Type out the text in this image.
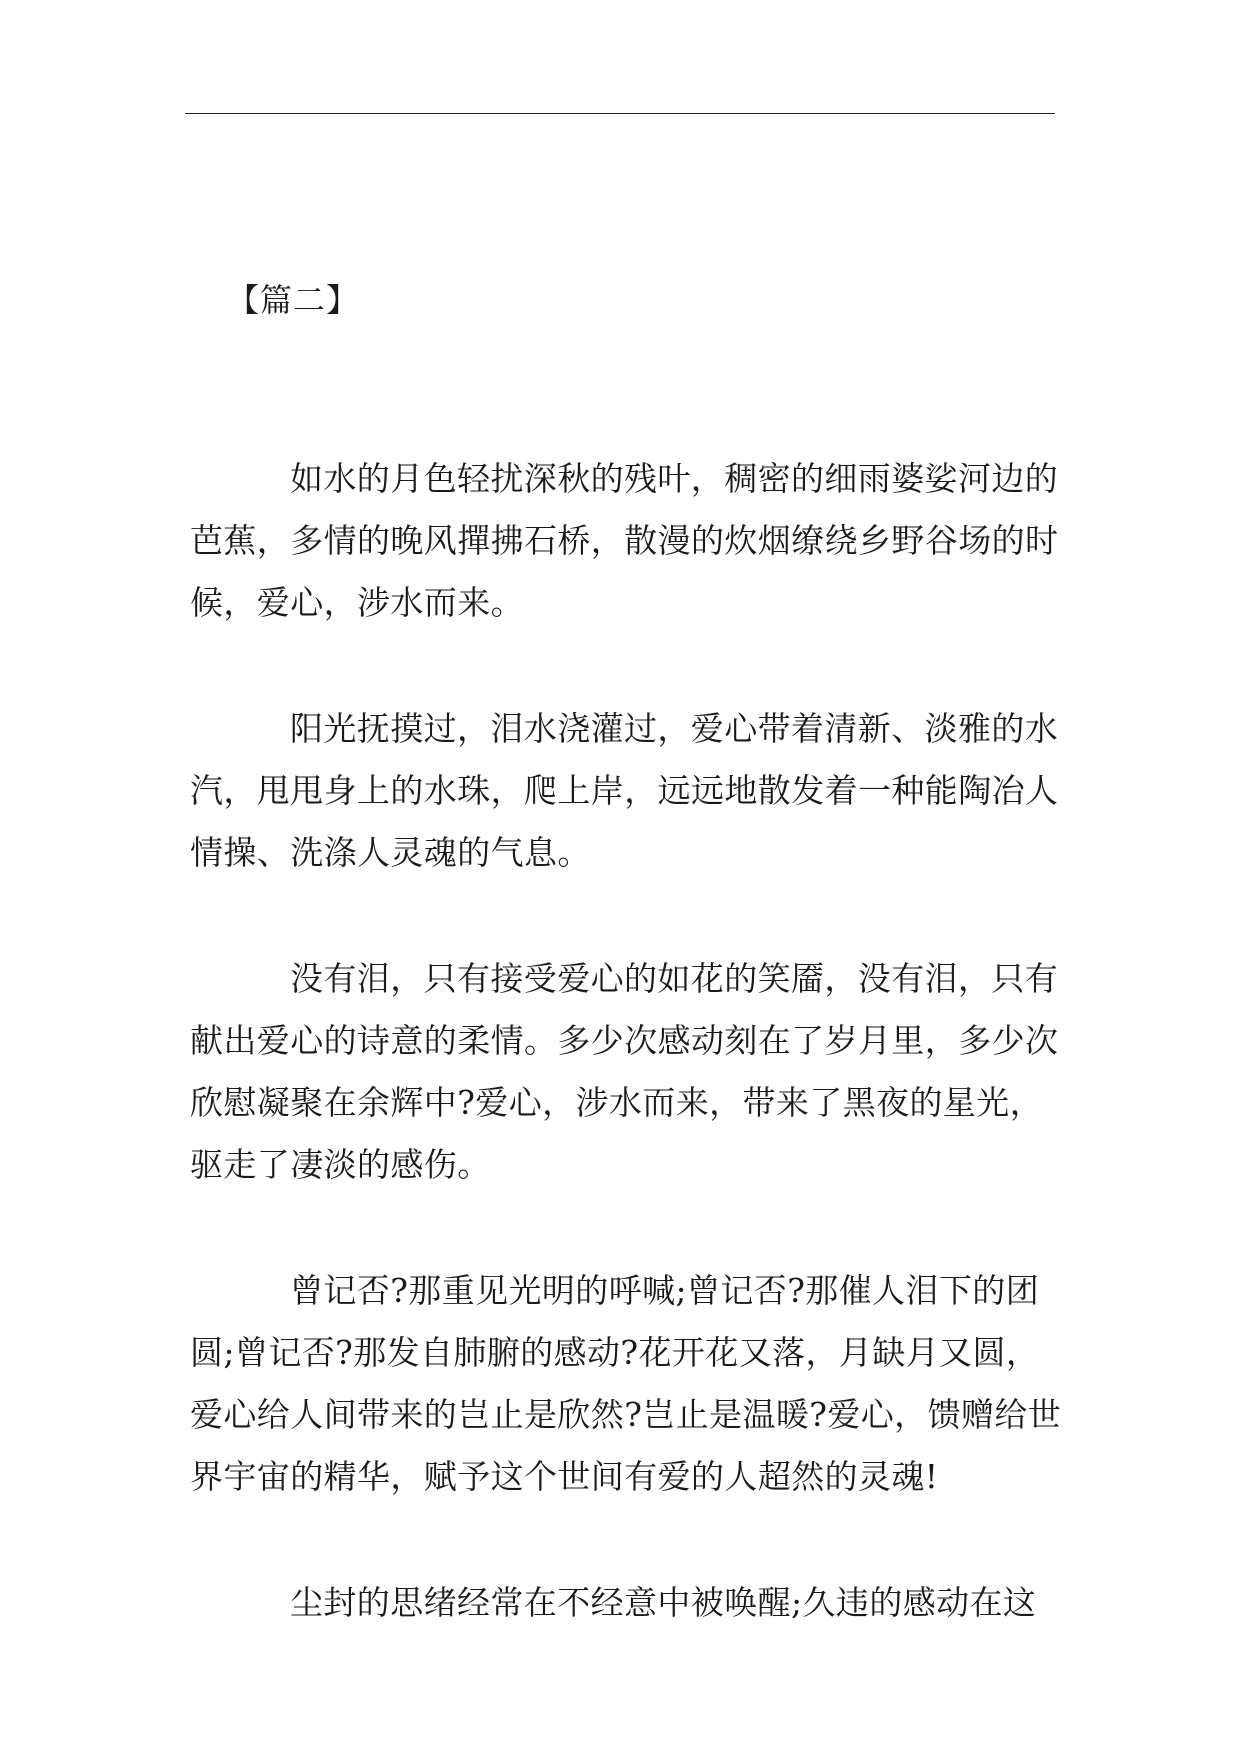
【篇二】
如水的月色轻扰深秋的残叶，稠密的细雨婆娑河边的
芭蕉，多情的晚风撣拂石桥，散漫的炊烟缭绕乡野谷场的时
候，爱心，涉水而来。
阳光抚摸过，泪水浇灌过，爱心带着清新、淡雅的水
汽，甩甩身上的水珠，爬上岸，远远地散发着一种能陶冶人
情操、洗涤人灵魂的气息。
没有泪，只有接受爱心的如花的笑靥，没有泪，只有
献出爱心的诗意的柔情。多少次感动刻在了岁月里，多少次
欣慰凝聚在余辉中?爱心，涉水而来，带来了黑夜的星光，
驱走了凄淡的感伤。
曾记否?那重见光明的呼喊;曾记否?那催人泪下的团
圆;曾记否?那发自肺腑的感动?花开花又落，月缺月又圆，
爱心给人间带来的岂止是欣然?岂止是温暖?爱心，馈赠给世
界宇宙的精华，赋予这个世间有爱的人超然的灵魂!
尘封的思绪经常在不经意中被唤醒;久违的感动在这
